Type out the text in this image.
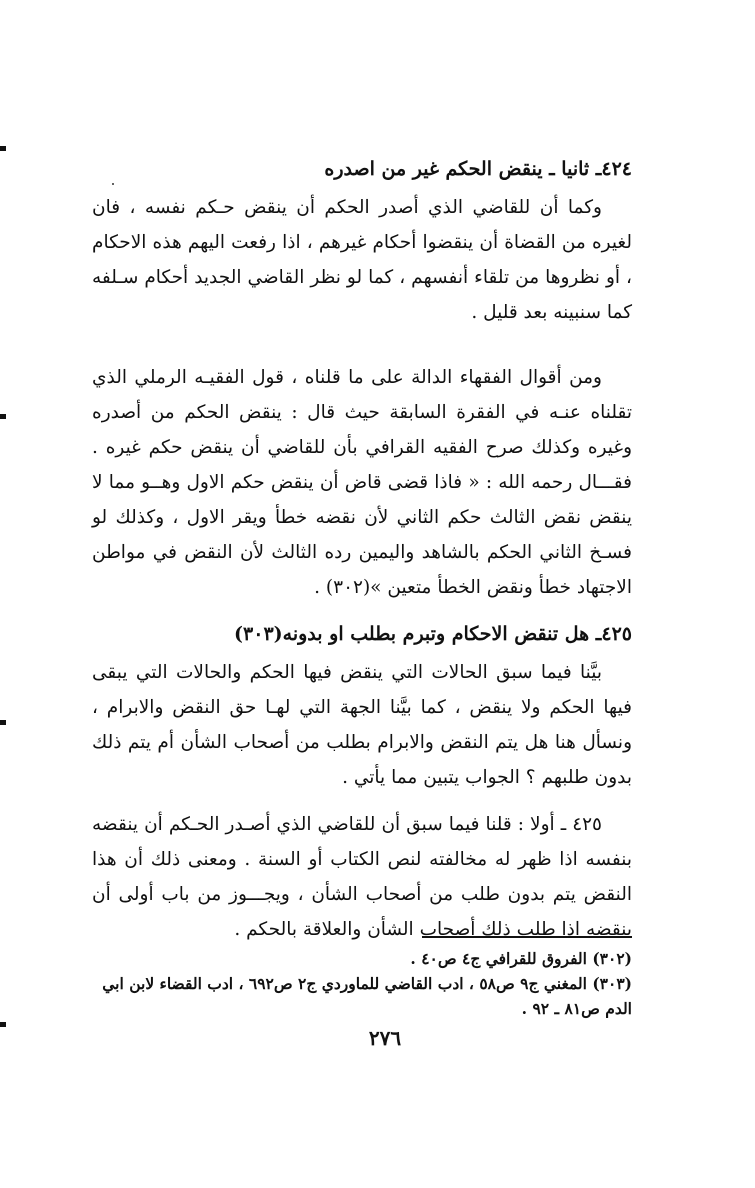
٤٢٤ـ ثانيا ـ ينقض الحكم غير من اصدره

وكما أن للقاضي الذي أصدر الحكم أن ينقض حـكم نفسه ، فان لغيره من القضاة أن ينقضوا أحكام غيرهم ، اذا رفعت اليهم هذه الاحكام ، أو نظروها من تلقاء أنفسهم ، كما لو نظر القاضي الجديد أحكام سـلفه كما سنبينه بعد قليل .

ومن أقوال الفقهاء الدالة على ما قلناه ، قول الفقيـه الرملي الذي تقلناه عنـه في الفقرة السابقة حيث قال : ينقض الحكم من أصدره وغيره وكذلك صرح الفقيه القرافي بأن للقاضي أن ينقض حكم غيره . فقـــال رحمه الله : « فاذا قضى قاض أن ينقض حكم الاول وهــو مما لا ينقض نقض الثالث حكم الثاني لأن نقضه خطأ ويقر الاول ، وكذلك لو فسـخ الثاني الحكم بالشاهد واليمين رده الثالث لأن النقض في مواطن الاجتهاد خطأ ونقض الخطأ متعين »(٣٠٢) .

٤٢٥ـ هل تنقض الاحكام وتبرم بطلب او بدونه(٣٠٣)

بيَّنا فيما سبق الحالات التي ينقض فيها الحكم والحالات التي يبقى فيها الحكم ولا ينقض ، كما بيَّنا الجهة التي لهـا حق النقض والابرام ، ونسأل هنا هل يتم النقض والابرام بطلب من أصحاب الشأن أم يتم ذلك بدون طلبهم ؟ الجواب يتبين مما يأتي .

٤٢٥ ـ أولا : قلنا فيما سبق أن للقاضي الذي أصـدر الحـكم أن ينقضه بنفسه اذا ظهر له مخالفته لنص الكتاب أو السنة . ومعنى ذلك أن هذا النقض يتم بدون طلب من أصحاب الشأن ، ويجـــوز من باب أولى أن ينقضه اذا طلب ذلك أصحاب الشأن والعلاقة بالحكم .

(٣٠٢) الفروق للقرافي ج٤ ص٤٠ .

(٣٠٣) المغني ج٩ ص٥٨ ، ادب القاضي للماوردي ج٢ ص٦٩٢ ، ادب القضاء لابن ابي الدم ص٨١ ـ ٩٢ .

٢٧٦
